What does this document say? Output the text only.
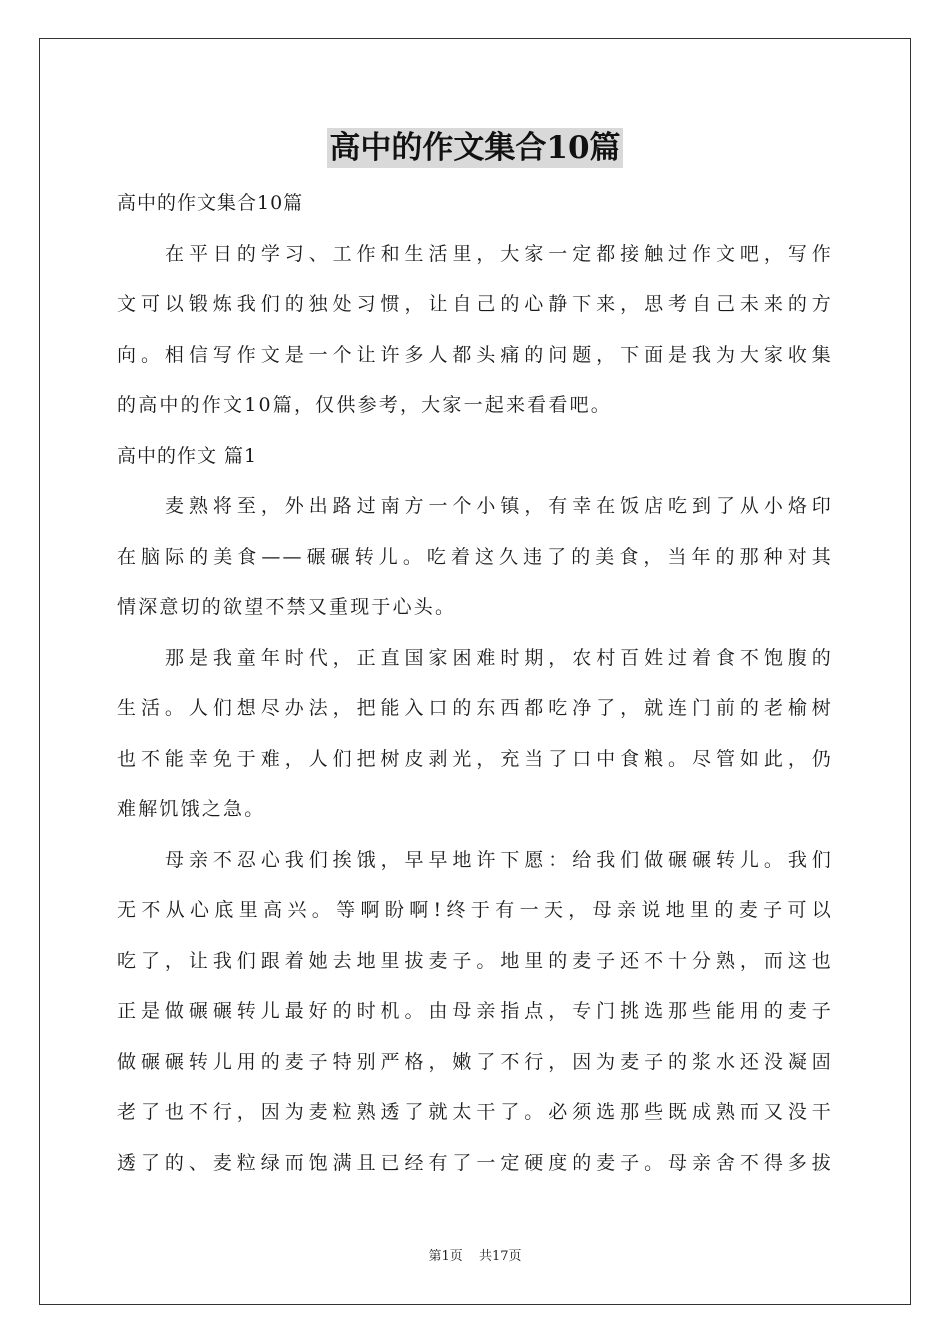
高中的作文集合10篇
高中的作文集合10篇
在平日的学习、工作和生活里，大家一定都接触过作文吧，写作
文可以锻炼我们的独处习惯，让自己的心静下来，思考自己未来的方
向。相信写作文是一个让许多人都头痛的问题，下面是我为大家收集
的高中的作文10篇，仅供参考，大家一起来看看吧。
高中的作文 篇1
麦熟将至，外出路过南方一个小镇，有幸在饭店吃到了从小烙印
在脑际的美食——碾碾转儿。吃着这久违了的美食，当年的那种对其
情深意切的欲望不禁又重现于心头。
那是我童年时代，正直国家困难时期，农村百姓过着食不饱腹的
生活。人们想尽办法，把能入口的东西都吃净了，就连门前的老榆树
也不能幸免于难，人们把树皮剥光，充当了口中食粮。尽管如此，仍
难解饥饿之急。
母亲不忍心我们挨饿，早早地许下愿：给我们做碾碾转儿。我们
无不从心底里高兴。等啊盼啊!终于有一天，母亲说地里的麦子可以
吃了，让我们跟着她去地里拔麦子。地里的麦子还不十分熟，而这也
正是做碾碾转儿最好的时机。由母亲指点，专门挑选那些能用的麦子
做碾碾转儿用的麦子特别严格，嫩了不行，因为麦子的浆水还没凝固
老了也不行，因为麦粒熟透了就太干了。必须选那些既成熟而又没干
透了的、麦粒绿而饱满且已经有了一定硬度的麦子。母亲舍不得多拔
第1页 共17页
